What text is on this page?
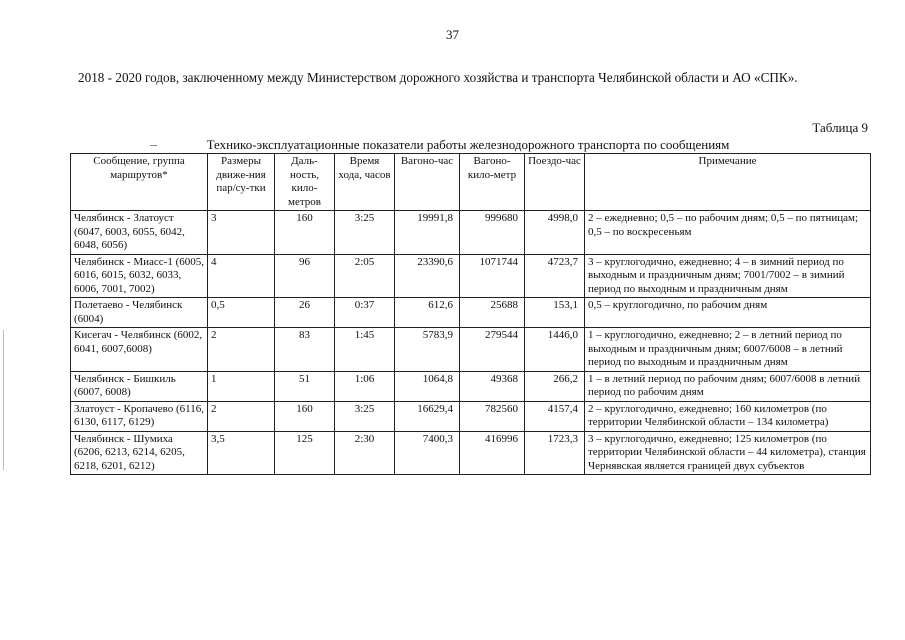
37
2018 - 2020 годов, заключенному между Министерством дорожного хозяйства и транспорта Челябинской области и АО «СПК».
Таблица 9
Технико-эксплуатационные показатели работы железнодорожного транспорта по сообщениям
Сообщение, группа маршрутов*	Размеры движе-ния пар/су-тки	Даль-ность, кило-метров	Время хода, часов	Вагоно-час	Вагоно-кило-метр	Поездо-час	Примечание
Челябинск - Златоуст (6047, 6003, 6055, 6042, 6048, 6056)	3	160	3:25	19991,8	999680	4998,0	2 – ежедневно; 0,5 – по рабочим дням; 0,5 – по пятницам; 0,5 – по воскресеньям
Челябинск - Миасс-1 (6005, 6016, 6015, 6032, 6033, 6006, 7001, 7002)	4	96	2:05	23390,6	1071744	4723,7	3 – круглогодично, ежедневно; 4 – в зимний период по выходным и праздничным дням; 7001/7002 – в зимний период по выходным и праздничным дням
Полетаево - Челябинск (6004)	0,5	26	0:37	612,6	25688	153,1	0,5 – круглогодично, по рабочим дням
Кисегач - Челябинск (6002, 6041, 6007,6008)	2	83	1:45	5783,9	279544	1446,0	1 – круглогодично, ежедневно; 2 – в летний период по выходным и праздничным дням; 6007/6008 – в летний период по выходным и праздничным дням
Челябинск - Бишкиль (6007, 6008)	1	51	1:06	1064,8	49368	266,2	1 – в летний период по рабочим дням; 6007/6008 в летний период по рабочим дням
Златоуст - Кропачево (6116, 6130, 6117, 6129)	2	160	3:25	16629,4	782560	4157,4	2 – круглогодично, ежедневно; 160 километров (по территории Челябинской области – 134 километра)
Челябинск - Шумиха (6206, 6213, 6214, 6205, 6218, 6201, 6212)	3,5	125	2:30	7400,3	416996	1723,3	3 – круглогодично, ежедневно; 125 километров (по территории Челябинской области – 44 километра), станция Чернявская является границей двух субъектов
